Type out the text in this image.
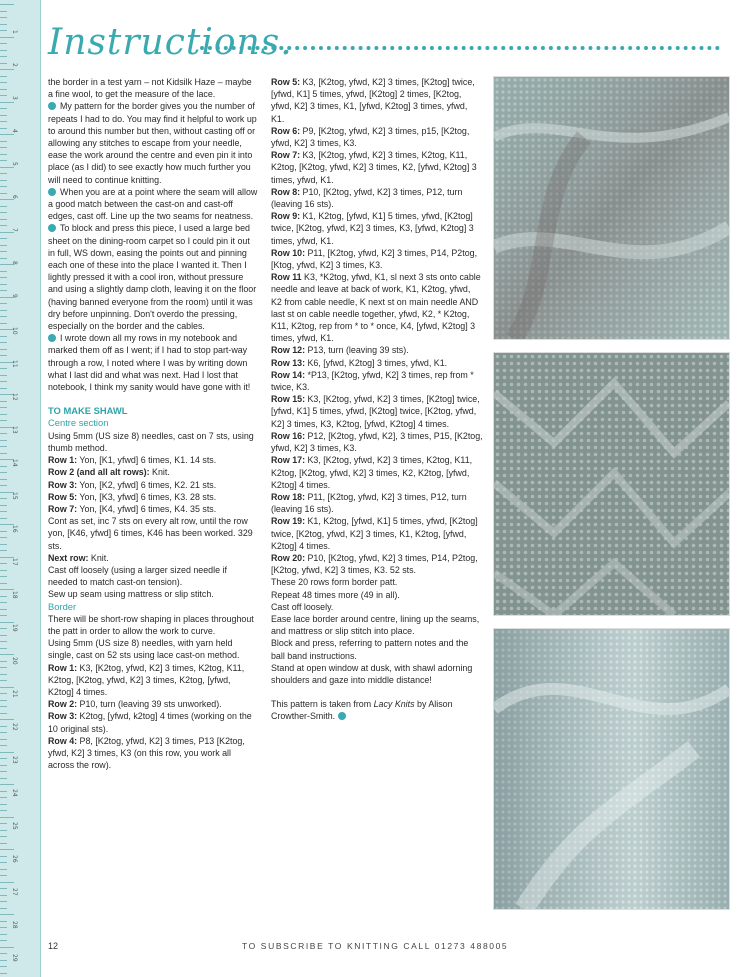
1
2
3
4
5
6
7
8
9
10
11
12
13
14
15
16
17
18
19
20
21
22
23
24
25
26
27
28
29
Instructions.

the border in a test yarn – not Kidsilk Haze – maybe a fine wool, to get the measure of the lace.

My pattern for the border gives you the number of repeats I had to do. You may find it helpful to work up to around this number but then, without casting off or allowing any stitches to escape from your needle, ease the work around the centre and even pin it into place (as I did) to see exactly how much further you will need to continue knitting.

When you are at a point where the seam will allow a good match between the cast-on and cast-off edges, cast off. Line up the two seams for neatness.

To block and press this piece, I used a large bed sheet on the dining-room carpet so I could pin it out in full, WS down, easing the points out and pinning each one of these into the place I wanted it. Then I lightly pressed it with a cool iron, without pressure and using a slightly damp cloth, leaving it on the floor (having banned everyone from the room) until it was dry before unpinning. Don't overdo the pressing, especially on the border and the cables.

I wrote down all my rows in my notebook and marked them off as I went; if I had to stop part-way through a row, I noted where I was by writing down what I last did and what was next. Had I lost that notebook, I think my sanity would have gone with it!

TO MAKE SHAWL

Centre section

Using 5mm (US size 8) needles, cast on 7 sts, using thumb method.

Row 1: Yon, [K1, yfwd] 6 times, K1. 14 sts.

Row 2 (and all alt rows): Knit.

Row 3: Yon, [K2, yfwd] 6 times, K2. 21 sts.

Row 5: Yon, [K3, yfwd] 6 times, K3. 28 sts.

Row 7: Yon, [K4, yfwd] 6 times, K4. 35 sts.

Cont as set, inc 7 sts on every alt row, until the row yon, [K46, yfwd] 6 times, K46 has been worked. 329 sts.

Next row: Knit.

Cast off loosely (using a larger sized needle if needed to match cast-on tension).

Sew up seam using mattress or slip stitch.

Border

There will be short-row shaping in places throughout the patt in order to allow the work to curve.

Using 5mm (US size 8) needles, with yarn held single, cast on 52 sts using lace cast-on method.

Row 1: K3, [K2tog, yfwd, K2] 3 times, K2tog, K11, K2tog, [K2tog, yfwd, K2] 3 times, K2tog, [yfwd, K2tog] 4 times.

Row 2: P10, turn (leaving 39 sts unworked).

Row 3: K2tog, [yfwd, k2tog] 4 times (working on the 10 original sts).

Row 4: P8, [K2tog, yfwd, K2] 3 times, P13 [K2tog, yfwd, K2] 3 times, K3 (on this row, you work all across the row).

Row 5: K3, [K2tog, yfwd, K2] 3 times, [K2tog] twice, [yfwd, K1] 5 times, yfwd, [K2tog] 2 times, [K2tog, yfwd, K2] 3 times, K1, [yfwd, K2tog] 3 times, yfwd, K1.

Row 6: P9, [K2tog, yfwd, K2] 3 times, p15, [K2tog, yfwd, K2] 3 times, K3.

Row 7: K3, [K2tog, yfwd, K2] 3 times, K2tog, K11, K2tog, [K2tog, yfwd, K2] 3 times, K2, [yfwd, K2tog] 3 times, yfwd, K1.

Row 8: P10, [K2tog, yfwd, K2] 3 times, P12, turn (leaving 16 sts).

Row 9: K1, K2tog, [yfwd, K1] 5 times, yfwd, [K2tog] twice, [K2tog, yfwd, K2] 3 times, K3, [yfwd, K2tog] 3 times, yfwd, K1.

Row 10: P11, [K2tog, yfwd, K2] 3 times, P14, P2tog, [Ktog, yfwd, K2] 3 times, K3.

Row 11 K3, *K2tog, yfwd, K1, sl next 3 sts onto cable needle and leave at back of work, K1, K2tog, yfwd, K2 from cable needle, K next st on main needle AND last st on cable needle together, yfwd, K2, * K2tog, K11, K2tog, rep from * to * once, K4, [yfwd, K2tog] 3 times, yfwd, K1.

Row 12: P13, turn (leaving 39 sts).

Row 13: K6, [yfwd, K2tog] 3 times, yfwd, K1.

Row 14: *P13, [K2tog, yfwd, K2] 3 times, rep from * twice, K3.

Row 15: K3, [K2tog, yfwd, K2] 3 times, [K2tog] twice, [yfwd, K1] 5 times, yfwd, [K2tog] twice, [K2tog, yfwd, K2] 3 times, K3, K2tog, [yfwd, K2tog] 4 times.

Row 16: P12, [K2tog, yfwd, K2], 3 times, P15, [K2tog, yfwd, K2] 3 times, K3.

Row 17: K3, [K2tog, yfwd, K2] 3 times, K2tog, K11, K2tog, [K2tog, yfwd, K2] 3 times, K2, K2tog, [yfwd, K2tog] 4 times.

Row 18: P11, [K2tog, yfwd, K2] 3 times, P12, turn (leaving 16 sts).

Row 19: K1, K2tog, [yfwd, K1] 5 times, yfwd, [K2tog] twice, [K2tog, yfwd, K2] 3 times, K1, K2tog, [yfwd, K2tog] 4 times.

Row 20: P10, [K2tog, yfwd, K2] 3 times, P14, P2tog, [K2tog, yfwd, K2] 3 times, K3. 52 sts.

These 20 rows form border patt.

Repeat 48 times more (49 in all).

Cast off loosely.

Ease lace border around centre, lining up the seams, and mattress or slip stitch into place.

Block and press, referring to pattern notes and the ball band instructions.

Stand at open window at dusk, with shawl adorning shoulders and gaze into middle distance!

This pattern is taken from Lacy Knits by Alison Crowther-Smith.

12	TO SUBSCRIBE TO KNITTING CALL 01273 488005
